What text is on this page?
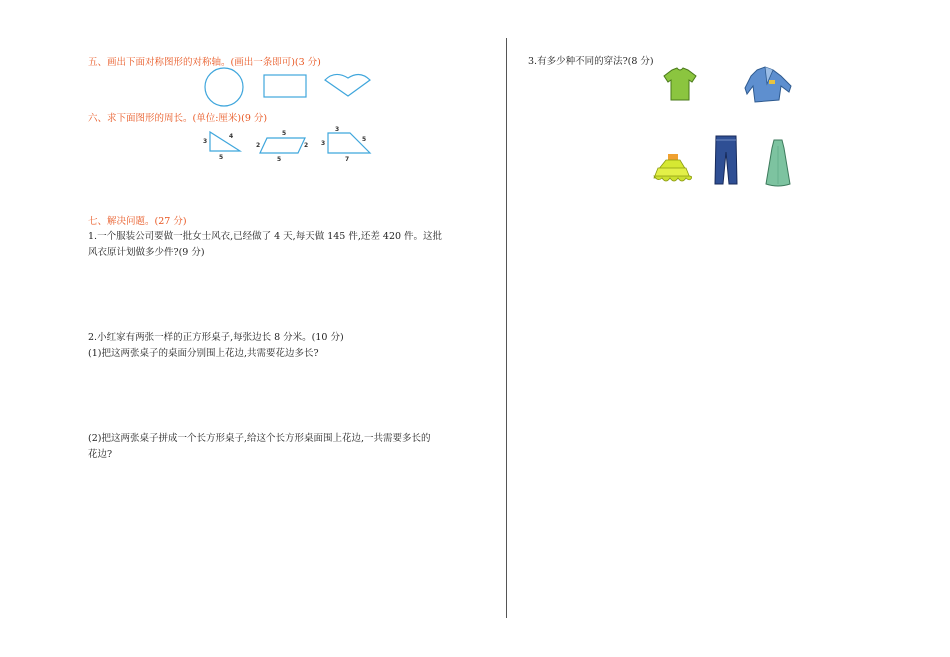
五、画出下面对称图形的对称轴。(画出一条即可)(3 分)
六、求下面图形的周长。(单位:厘米)(9 分)
3
4
5
5
2	2
5
3
3
5
7
七、解决问题。(27 分)
1.一个服装公司要做一批女士风衣,已经做了 4 天,每天做 145 件,还差 420 件。这批
风衣原计划做多少件?(9 分)
2.小红家有两张一样的正方形桌子,每张边长 8 分米。(10 分)
(1)把这两张桌子的桌面分别围上花边,共需要花边多长?
(2)把这两张桌子拼成一个长方形桌子,给这个长方形桌面围上花边,一共需要多长的
花边?
3.有多少种不同的穿法?(8 分)
